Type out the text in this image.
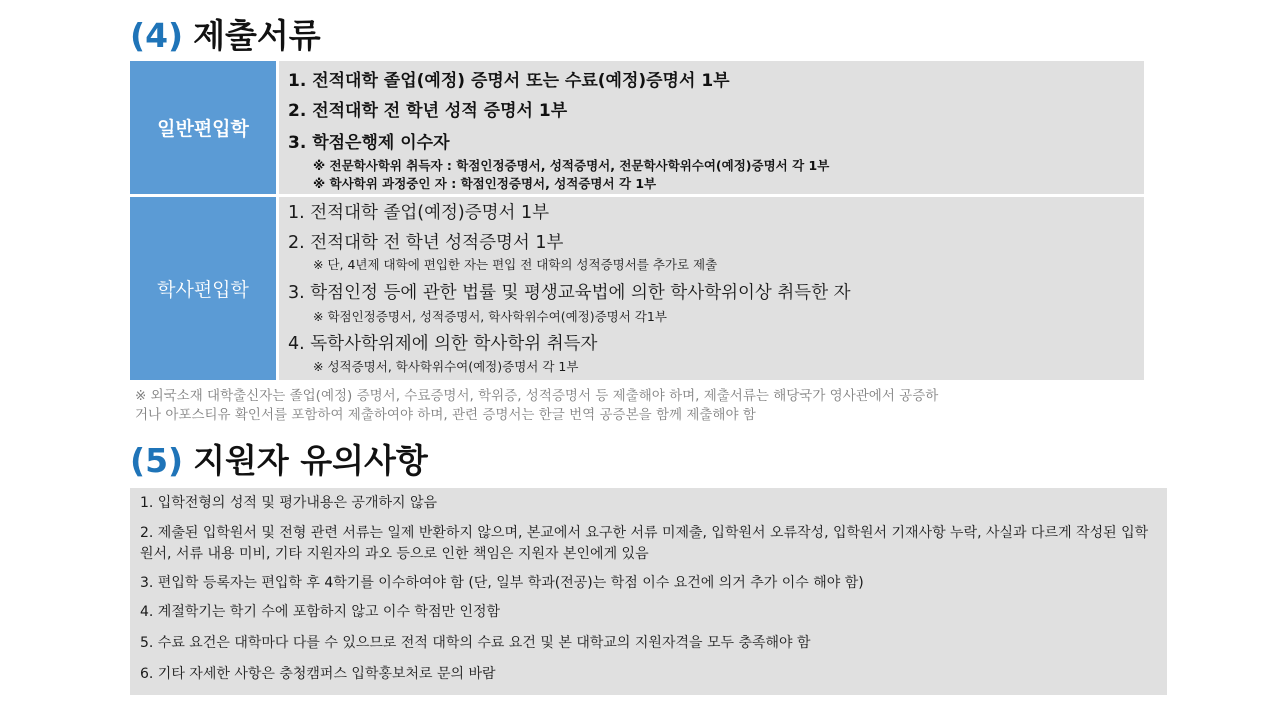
(4) 제출서류
일반편입학
1. 전적대학 졸업(예정) 증명서 또는 수료(예정)증명서 1부
2. 전적대학 전 학년 성적 증명서 1부
3. 학점은행제 이수자
※ 전문학사학위 취득자 : 학점인정증명서, 성적증명서, 전문학사학위수여(예정)증명서 각 1부
※ 학사학위 과정중인 자 : 학점인정증명서, 성적증명서 각 1부
학사편입학
1. 전적대학 졸업(예정)증명서 1부
2. 전적대학 전 학년 성적증명서 1부
※ 단, 4년제 대학에 편입한 자는 편입 전 대학의 성적증명서를 추가로 제출
3. 학점인정 등에 관한 법률 및 평생교육법에 의한 학사학위이상 취득한 자
※ 학점인정증명서, 성적증명서, 학사학위수여(예정)증명서 각1부
4. 독학사학위제에 의한 학사학위 취득자
※ 성적증명서, 학사학위수여(예정)증명서 각 1부
※ 외국소재 대학출신자는 졸업(예정) 증명서, 수료증명서, 학위증, 성적증명서 등 제출해야 하며, 제출서류는 해당국가 영사관에서 공증하
거나 아포스티유 확인서를 포함하여 제출하여야 하며, 관련 증명서는 한글 번역 공증본을 함께 제출해야 함
(5) 지원자 유의사항
1. 입학전형의 성적 및 평가내용은 공개하지 않음
2. 제출된 입학원서 및 전형 관련 서류는 일제 반환하지 않으며, 본교에서 요구한 서류 미제출, 입학원서 오류작성, 입학원서 기재사항 누락, 사실과 다르게 작성된 입학원서, 서류 내용 미비, 기타 지원자의 과오 등으로 인한 책임은 지원자 본인에게 있음
3. 편입학 등록자는 편입학 후 4학기를 이수하여야 함 (단, 일부 학과(전공)는 학점 이수 요건에 의거 추가 이수 해야 함)
4. 계절학기는 학기 수에 포함하지 않고 이수 학점만 인정함
5. 수료 요건은 대학마다 다를 수 있으므로 전적 대학의 수료 요건 및 본 대학교의 지원자격을 모두 충족해야 함
6. 기타 자세한 사항은 충청캠퍼스 입학홍보처로 문의 바람
